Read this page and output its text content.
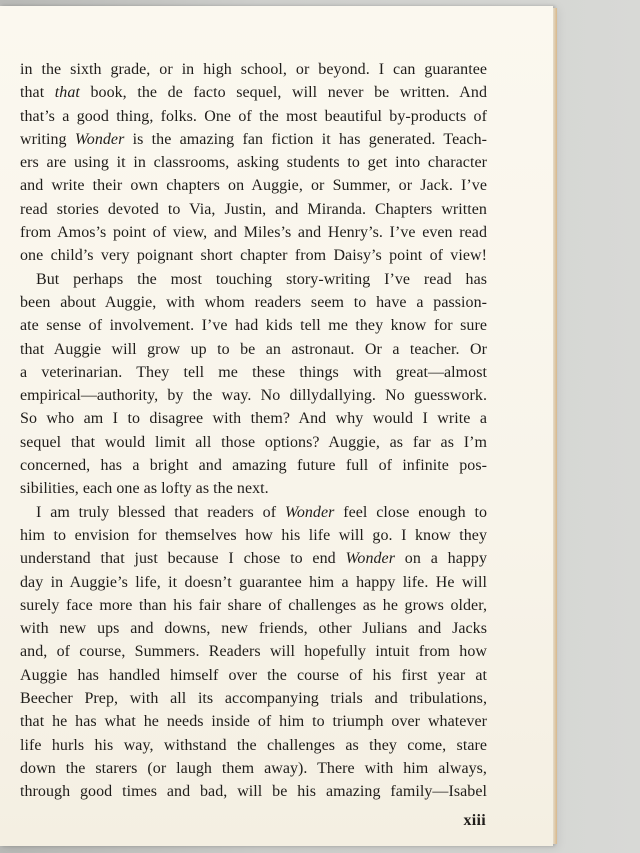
in the sixth grade, or in high school, or beyond. I can guarantee
that that book, the de facto sequel, will never be written. And
that’s a good thing, folks. One of the most beautiful by-products of
writing Wonder is the amazing fan fiction it has generated. Teach-
ers are using it in classrooms, asking students to get into character
and write their own chapters on Auggie, or Summer, or Jack. I’ve
read stories devoted to Via, Justin, and Miranda. Chapters written
from Amos’s point of view, and Miles’s and Henry’s. I’ve even read
one child’s very poignant short chapter from Daisy’s point of view!
But perhaps the most touching story-writing I’ve read has
been about Auggie, with whom readers seem to have a passion-
ate sense of involvement. I’ve had kids tell me they know for sure
that Auggie will grow up to be an astronaut. Or a teacher. Or
a veterinarian. They tell me these things with great—almost
empirical—authority, by the way. No dillydallying. No guesswork.
So who am I to disagree with them? And why would I write a
sequel that would limit all those options? Auggie, as far as I’m
concerned, has a bright and amazing future full of infinite pos-
sibilities, each one as lofty as the next.
I am truly blessed that readers of Wonder feel close enough to
him to envision for themselves how his life will go. I know they
understand that just because I chose to end Wonder on a happy
day in Auggie’s life, it doesn’t guarantee him a happy life. He will
surely face more than his fair share of challenges as he grows older,
with new ups and downs, new friends, other Julians and Jacks
and, of course, Summers. Readers will hopefully intuit from how
Auggie has handled himself over the course of his first year at
Beecher Prep, with all its accompanying trials and tribulations,
that he has what he needs inside of him to triumph over whatever
life hurls his way, withstand the challenges as they come, stare
down the starers (or laugh them away). There with him always,
through good times and bad, will be his amazing family—Isabel
xiii
